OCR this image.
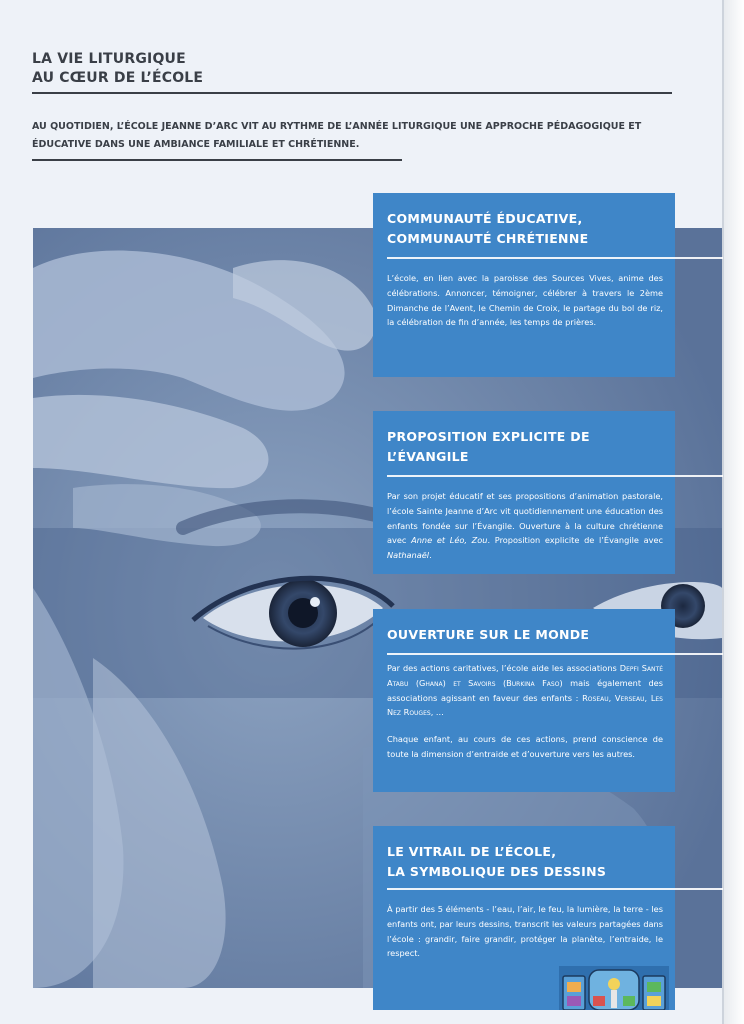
LA VIE LITURGIQUE
AU CŒUR DE L’ÉCOLE
AU QUOTIDIEN, L’ÉCOLE JEANNE D’ARC VIT AU RYTHME DE L’ANNÉE LITURGIQUE UNE APPROCHE PÉDAGOGIQUE ET
ÉDUCATIVE DANS UNE AMBIANCE FAMILIALE ET CHRÉTIENNE.
COMMUNAUTÉ ÉDUCATIVE,
COMMUNAUTÉ CHRÉTIENNE

L’école, en lien avec la paroisse des Sources Vives, anime des célébrations. Annoncer, témoigner, célébrer à travers le 2ème Dimanche de l’Avent, le Chemin de Croix, le partage du bol de riz, la célébration de fin d’année, les temps de prières.

PROPOSITION EXPLICITE DE
L’ÉVANGILE

Par son projet éducatif et ses propositions d’animation pastorale, l’école Sainte Jeanne d’Arc vit quotidiennement une éducation des enfants fondée sur l’Évangile. Ouverture à la culture chrétienne avec Anne et Léo, Zou. Proposition explicite de l’Évangile avec Nathanaël.

OUVERTURE SUR LE MONDE

Par des actions caritatives, l’école aide les associations Depfi Santé Atabu (Ghana) et Savoirs (Burkina Faso) mais également des associations agissant en faveur des enfants : Roseau, Verseau, Les Nez Rouges, ...

Chaque enfant, au cours de ces actions, prend conscience de toute la dimension d’entraide et d’ouverture vers les autres.

LE VITRAIL DE L’ÉCOLE,
LA SYMBOLIQUE DES DESSINS

À partir des 5 éléments - l’eau, l’air, le feu, la lumière, la terre - les enfants ont, par leurs dessins, transcrit les valeurs partagées dans l’école : grandir, faire grandir, protéger la planète, l’entraide, le respect.
